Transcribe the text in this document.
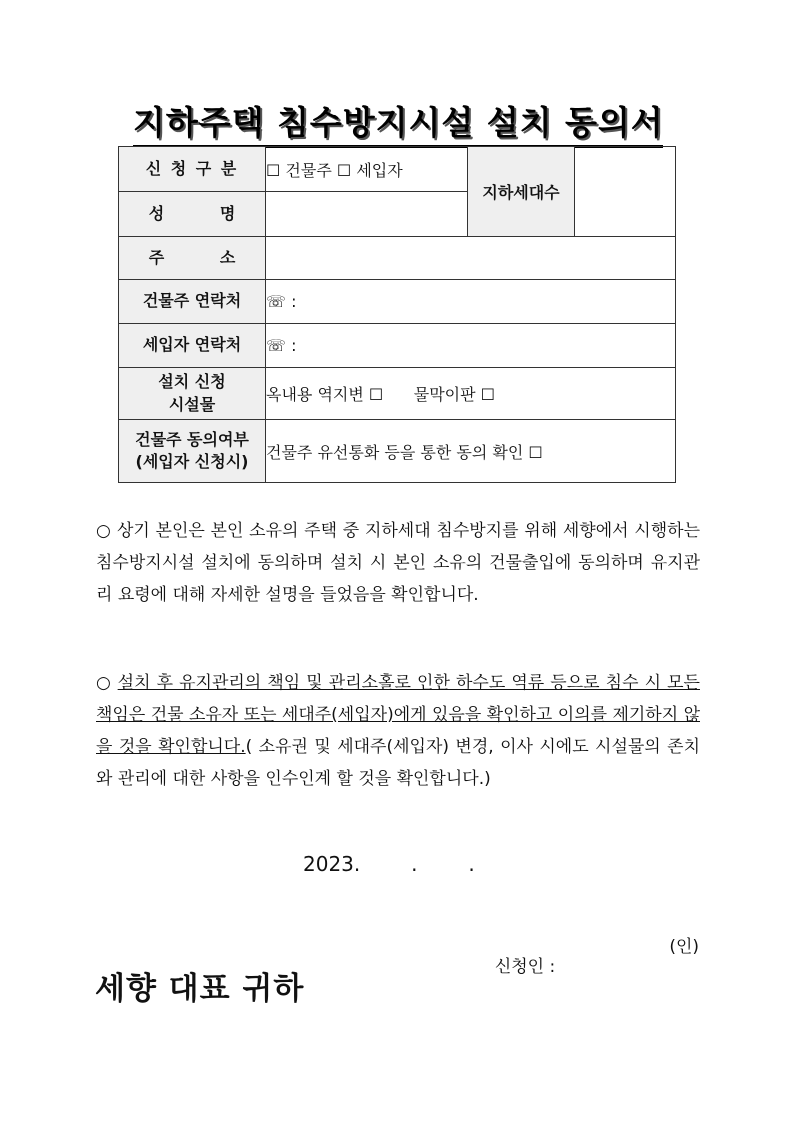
지하주택 침수방지시설 설치 동의서
신 청 구 분	☐ 건물주 ☐ 세입자	지하세대수	
성          명			
주          소			
건물주 연락처	☏ :		
세입자 연락처	☏ :		

설치 신청
시설물	옥내용 역지변 ☐      물막이판 ☐		

건물주 동의여부
(세입자 신청시)	건물주 유선통화 등을 통한 동의 확인 ☐		
○ 상기 본인은 본인 소유의 주택 중 지하세대 침수방지를 위해 세향에서 시행하는 침수방지시설 설치에 동의하며 설치 시 본인 소유의 건물출입에 동의하며 유지관리 요령에 대해 자세한 설명을 들었음을 확인합니다.
○ 설치 후 유지관리의 책임 및 관리소홀로 인한 하수도 역류 등으로 침수 시 모든 책임은 건물 소유자 또는 세대주(세입자)에게 있음을 확인하고 이의를 제기하지 않을 것을 확인합니다.( 소유권 및 세대주(세입자) 변경, 이사 시에도 시설물의 존치와 관리에 대한 사항을 인수인계 할 것을 확인합니다.)
2023.        .        .

신청인 :

(인)

세향 대표 귀하
